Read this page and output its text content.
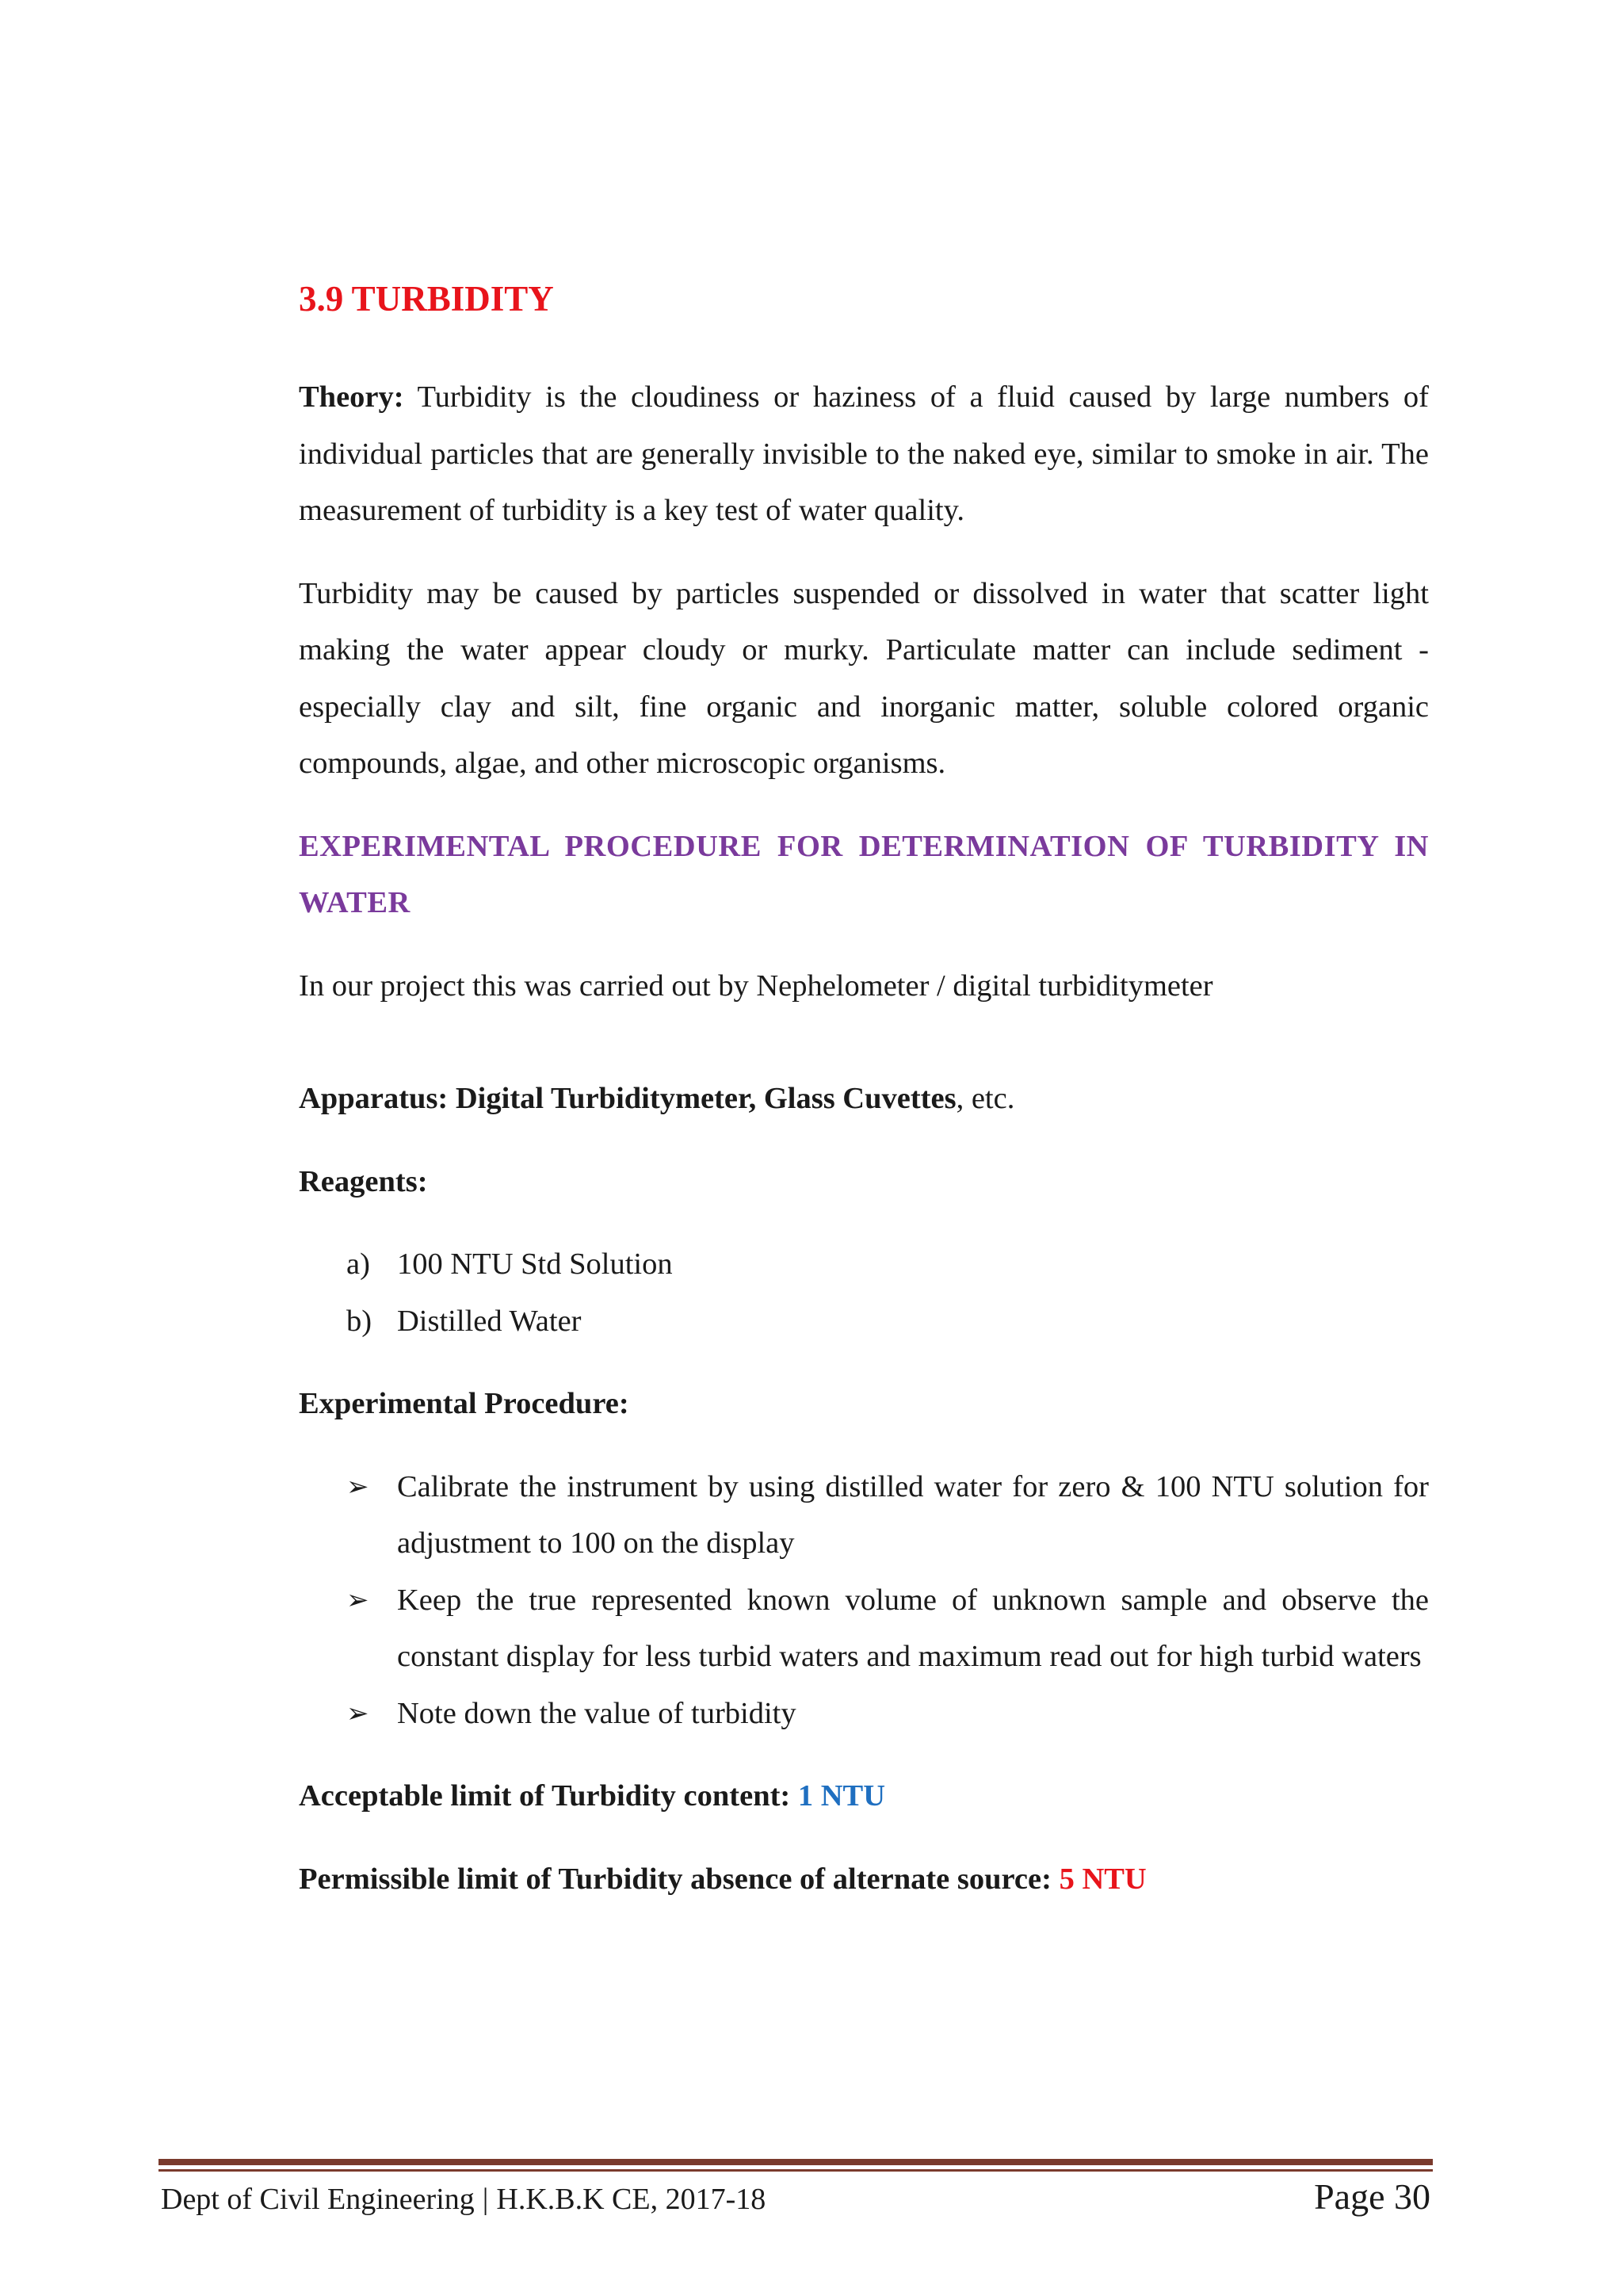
3.9 TURBIDITY

Theory: Turbidity is the cloudiness or haziness of a fluid caused by large numbers of individual particles that are generally invisible to the naked eye, similar to smoke in air. The measurement of turbidity is a key test of water quality.

Turbidity may be caused by particles suspended or dissolved in water that scatter light making the water appear cloudy or murky. Particulate matter can include sediment - especially clay and silt, fine organic and inorganic matter, soluble colored organic compounds, algae, and other microscopic organisms.

EXPERIMENTAL PROCEDURE FOR DETERMINATION OF TURBIDITY IN WATER

In our project this was carried out by Nephelometer / digital turbiditymeter

Apparatus: Digital Turbiditymeter, Glass Cuvettes, etc.

Reagents:

a) 100 NTU Std Solution
b) Distilled Water

Experimental Procedure:

➢ Calibrate the instrument by using distilled water for zero & 100 NTU solution for adjustment to 100 on the display
➢ Keep the true represented known volume of unknown sample and observe the constant display for less turbid waters and maximum read out for high turbid waters
➢ Note down the value of turbidity

Acceptable limit of Turbidity content: 1 NTU

Permissible limit of Turbidity absence of alternate source: 5 NTU

Dept of Civil Engineering | H.K.B.K CE, 2017-18	Page 30
